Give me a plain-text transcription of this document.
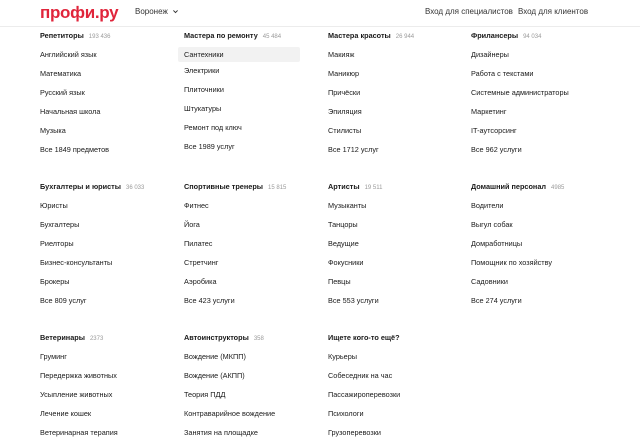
профи.ру Воронеж	Вход для специалистов Вход для клиентов
Репетиторы 193 436
Английский язык
Математика
Русский язык
Начальная школа
Музыка
Все 1849 предметов
Мастера по ремонту 45 484
Сантехники
Электрики
Плиточники
Штукатуры
Ремонт под ключ
Все 1989 услуг
Мастера красоты 26 944
Макияж
Маникюр
Причёски
Эпиляция
Стилисты
Все 1712 услуг
Фрилансеры 94 034
Дизайнеры
Работа с текстами
Системные администраторы
Маркетинг
IT-аутсорсинг
Все 962 услуги
Бухгалтеры и юристы 36 033
Юристы
Бухгалтеры
Риелторы
Бизнес-консультанты
Брокеры
Все 809 услуг
Спортивные тренеры 15 815
Фитнес
Йога
Пилатес
Стретчинг
Аэробика
Все 423 услуги
Артисты 19 511
Музыканты
Танцоры
Ведущие
Фокусники
Певцы
Все 553 услуги
Домашний персонал 4985
Водители
Выгул собак
Домработницы
Помощник по хозяйству
Садовники
Все 274 услуги
Ветеринары 2373
Груминг
Передержка животных
Усыпление животных
Лечение кошек
Ветеринарная терапия
Автоинструкторы 358
Вождение (МКПП)
Вождение (АКПП)
Теория ПДД
Контраварийное вождение
Занятия на площадке
Ищете кого-то ещё?
Курьеры
Собеседник на час
Пассажироперевозки
Психологи
Грузоперевозки
